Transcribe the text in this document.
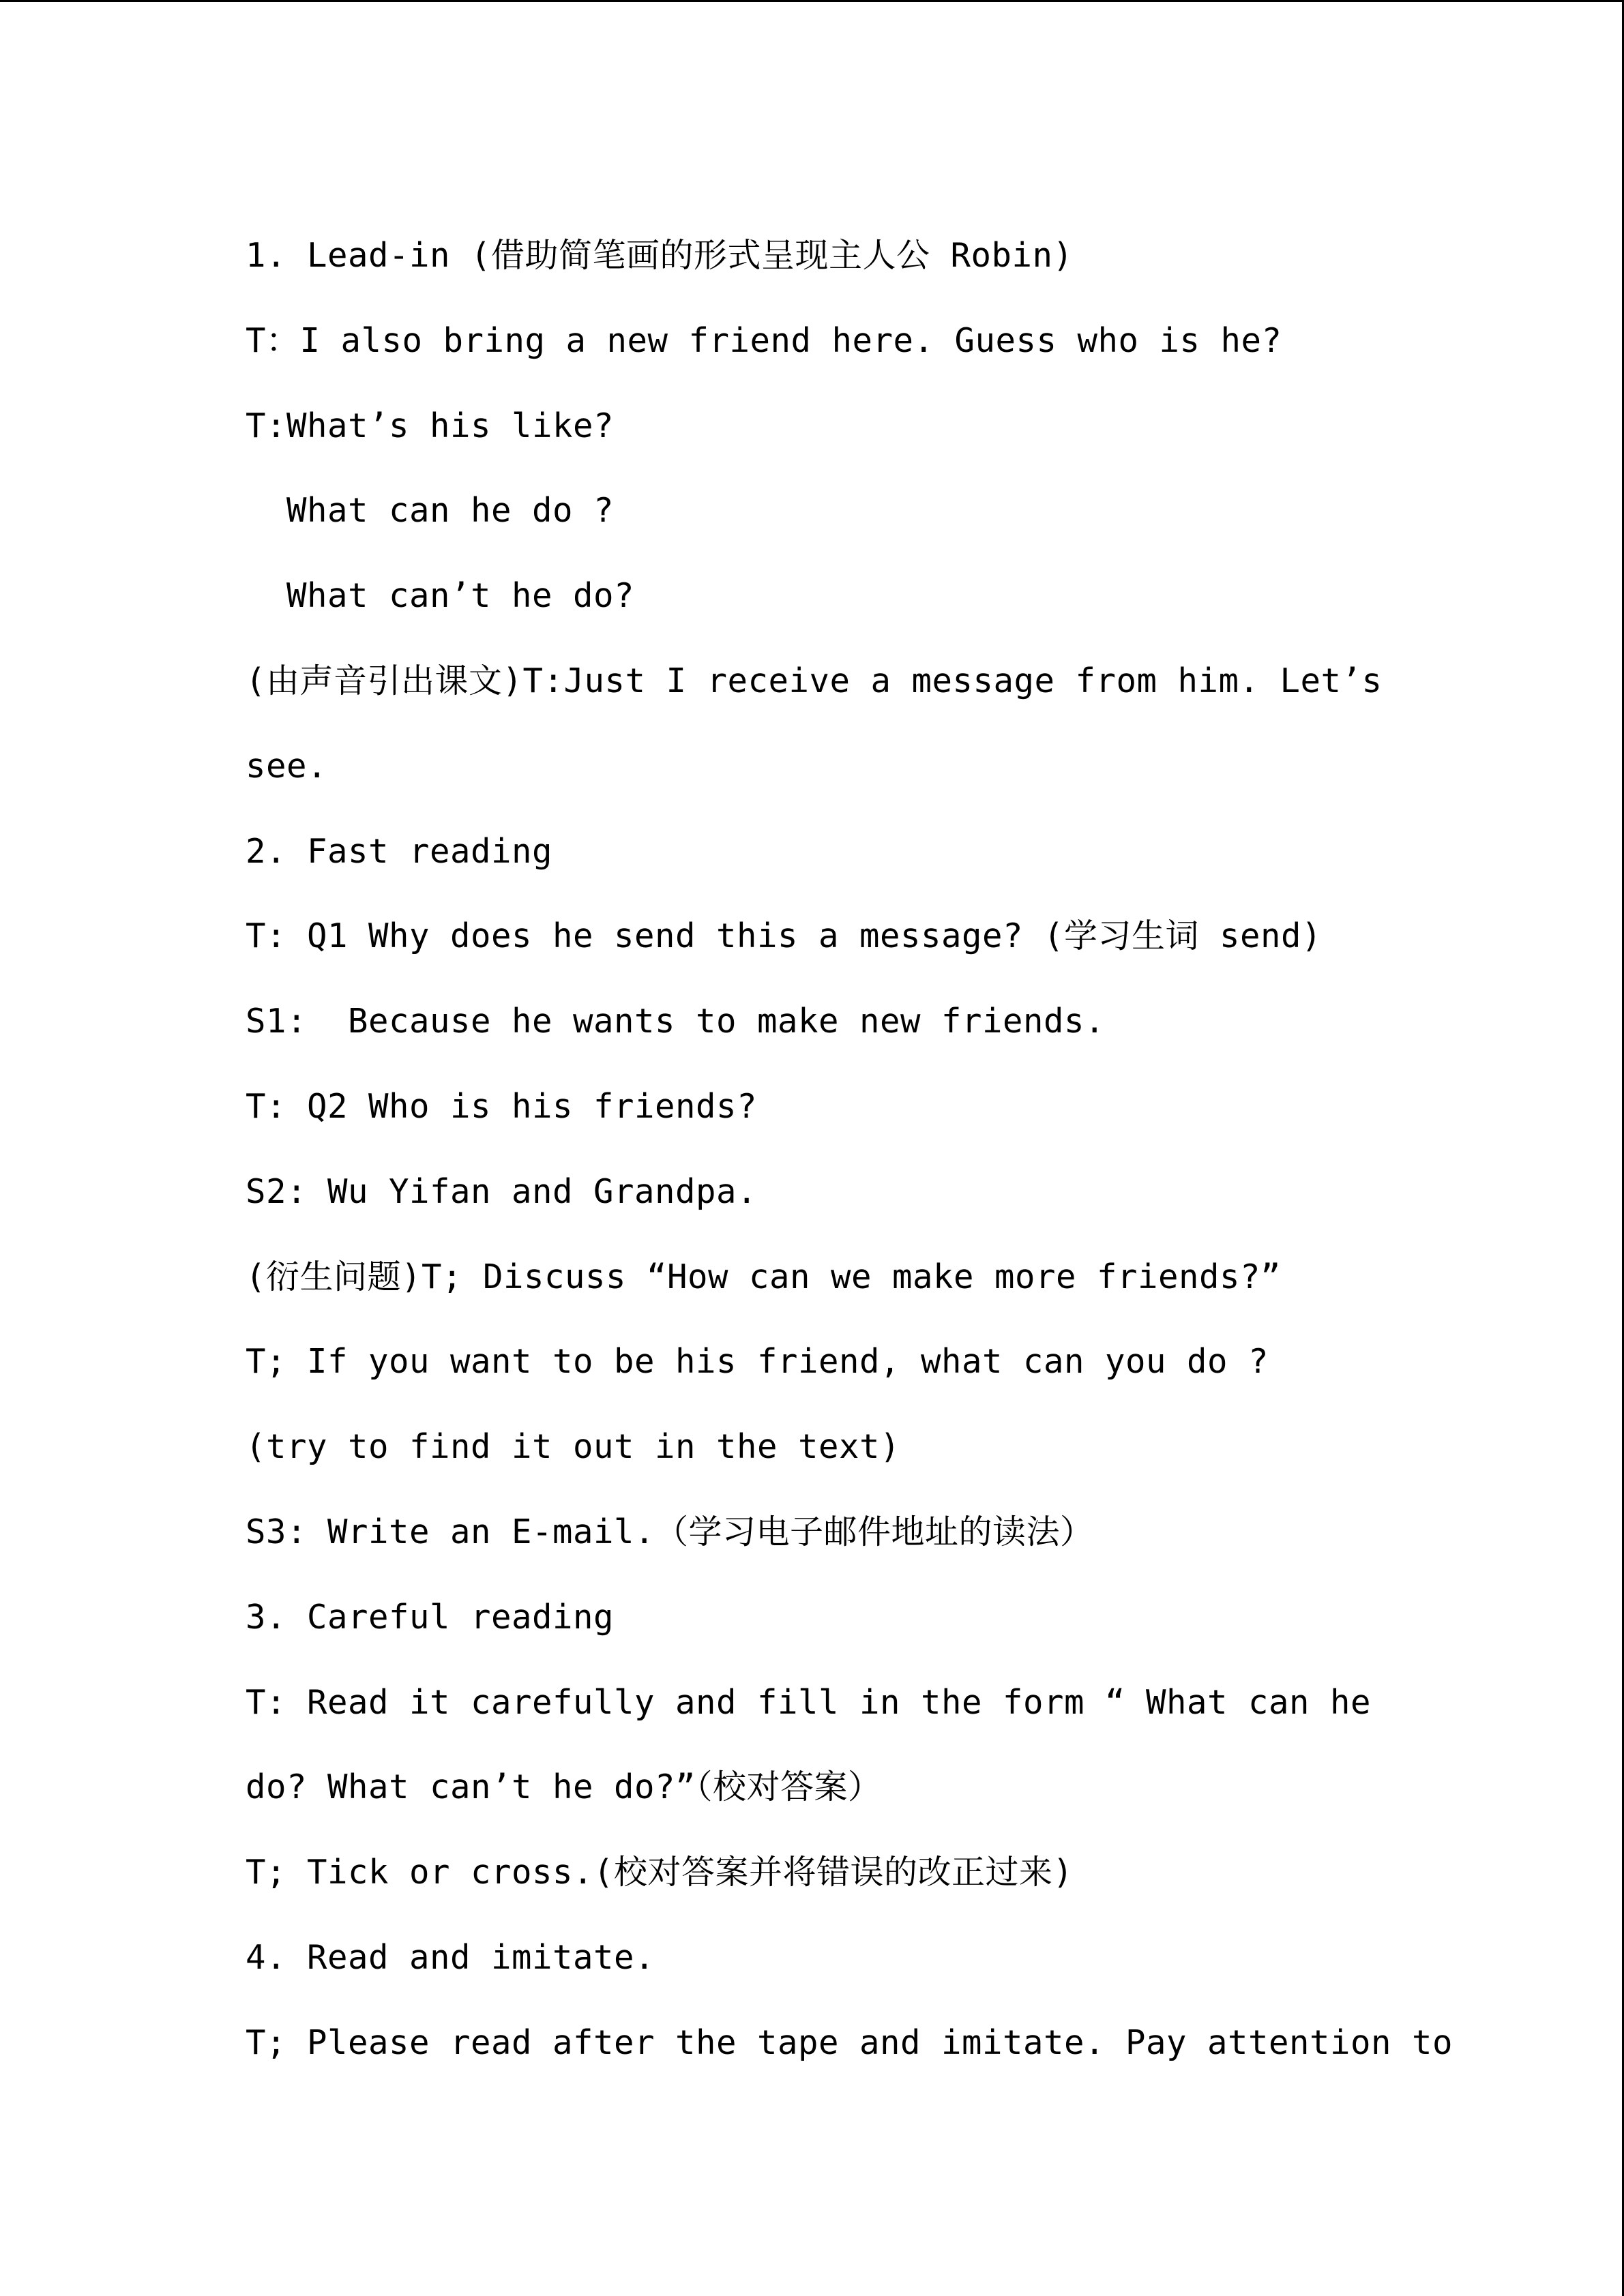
1. Lead-in (借助简笔画的形式呈现主人公 Robin)
T：I also bring a new friend here. Guess who is he?
T:What’s his like?
What can he do ?
What can’t he do?
(由声音引出课文)T:Just I receive a message from him. Let’s
see.
2. Fast reading
T: Q1 Why does he send this a message? (学习生词 send)
S1:  Because he wants to make new friends.
T: Q2 Who is his friends?
S2: Wu Yifan and Grandpa.
(衍生问题)T; Discuss “How can we make more friends?”
T; If you want to be his friend, what can you do ?
(try to find it out in the text)
S3: Write an E-mail.（学习电子邮件地址的读法）
3. Careful reading
T: Read it carefully and fill in the form “ What can he
do? What can’t he do?”（校对答案）
T; Tick or cross.(校对答案并将错误的改正过来)
4. Read and imitate.
T; Please read after the tape and imitate. Pay attention to
